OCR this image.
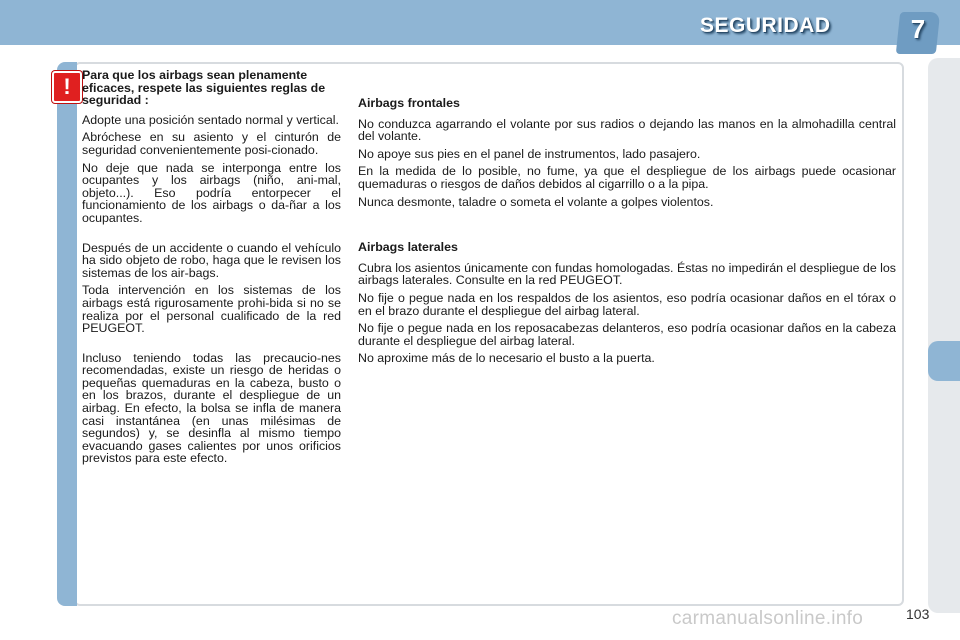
SEGURIDAD	7
! Para que los airbags sean plenamente eficaces, respete las siguientes reglas de seguridad :
Adopte una posición sentado normal y vertical.
Abróchese en su asiento y el cinturón de seguridad convenientemente posi-cionado.
No deje que nada se interponga entre los ocupantes y los airbags (niño, ani-mal, objeto...). Eso podría entorpecer el funcionamiento de los airbags o da-ñar a los ocupantes.
Después de un accidente o cuando el vehículo ha sido objeto de robo, haga que le revisen los sistemas de los air-bags.
Toda intervención en los sistemas de los airbags está rigurosamente prohi-bida si no se realiza por el personal cualificado de la red PEUGEOT.
Incluso teniendo todas las precaucio-nes recomendadas, existe un riesgo de heridas o pequeñas quemaduras en la cabeza, busto o en los brazos, durante el despliegue de un airbag. En efecto, la bolsa se infla de manera casi instantánea (en unas milésimas de segundos) y, se desinfla al mismo tiempo evacuando gases calientes por unos orificios previstos para este efecto.
Airbags frontales
No conduzca agarrando el volante por sus radios o dejando las manos en la almohadilla central del volante.
No apoye sus pies en el panel de instrumentos, lado pasajero.
En la medida de lo posible, no fume, ya que el despliegue de los airbags puede ocasionar quemaduras o riesgos de daños debidos al cigarrillo o a la pipa.
Nunca desmonte, taladre o someta el volante a golpes violentos.
Airbags laterales
Cubra los asientos únicamente con fundas homologadas. Éstas no impedirán el despliegue de los airbags laterales. Consulte en la red PEUGEOT.
No fije o pegue nada en los respaldos de los asientos, eso podría ocasionar daños en el tórax o en el brazo durante el despliegue del airbag lateral.
No fije o pegue nada en los reposacabezas delanteros, eso podría ocasionar daños en la cabeza durante el despliegue del airbag lateral.
No aproxime más de lo necesario el busto a la puerta.
103
carmanualsonline.info
